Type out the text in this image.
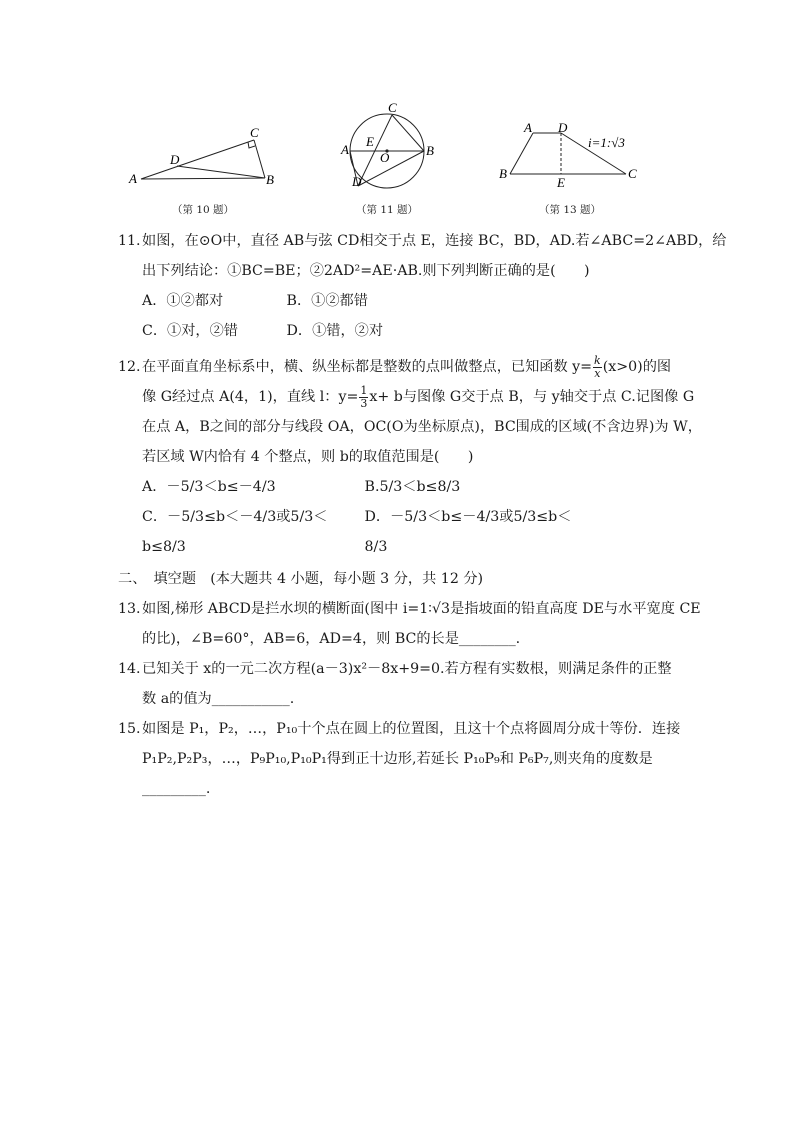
A	B
C
D
C
A	B
D
E
O
A D
B
E
C
i=1:√3
（第 10 题）	（第 11 题）	（第 13 题）
11. 如图，在⊙O中，直径 AB与弦 CD相交于点 E，连接 BC，BD，AD.若∠ABC=2∠ABD，给
出下列结论：①BC=BE；②2AD²=AE·AB.则下列判断正确的是(　　)
A．①②都对	B．①②都错
C．①对，②错	D．①错，②对
12. 在平面直角坐标系中，横、纵坐标都是整数的点叫做整点，已知函数 $y= \frac{k}{x} (x>0)$的图
像 G经过点 A(4，1)，直线 l：$y= \frac{1}{3} x+ b$与图像 G交于点 B，与 y轴交于点 C.记图像 G
在点 A，B之间的部分与线段 OA，OC(O为坐标原点)，BC围成的区域(不含边界)为 W，
若区域 W内恰有 4 个整点，则 b的取值范围是(　　)
A．－5/3＜b≤－4/3	B.5/3＜b≤8/3
C．－5/3≤b＜－4/3或5/3＜b≤8/3 D．－5/3＜b≤－4/3或5/3≤b＜8/3
二、　填空题　(本大题共 4 小题，每小题 3 分，共 12 分)
13. 如图,梯形 ABCD是拦水坝的横断面(图中 i=1∶√3是指坡面的铅直高度 DE与水平宽度 CE
的比)，∠B=60°，AB=6，AD=4，则 BC的长是________.
14. 已知关于 x的一元二次方程(a－3)x²－8x+9=0.若方程有实数根，则满足条件的正整
数 a的值为___________.
15. 如图是 P₁，P₂，…，P₁₀十个点在圆上的位置图，且这十个点将圆周分成十等份．连接
P₁P₂,P₂P₃，…，P₉P₁₀,P₁₀P₁得到正十边形,若延长 P₁₀P₉和 P₆P₇,则夹角的度数是
_________.
